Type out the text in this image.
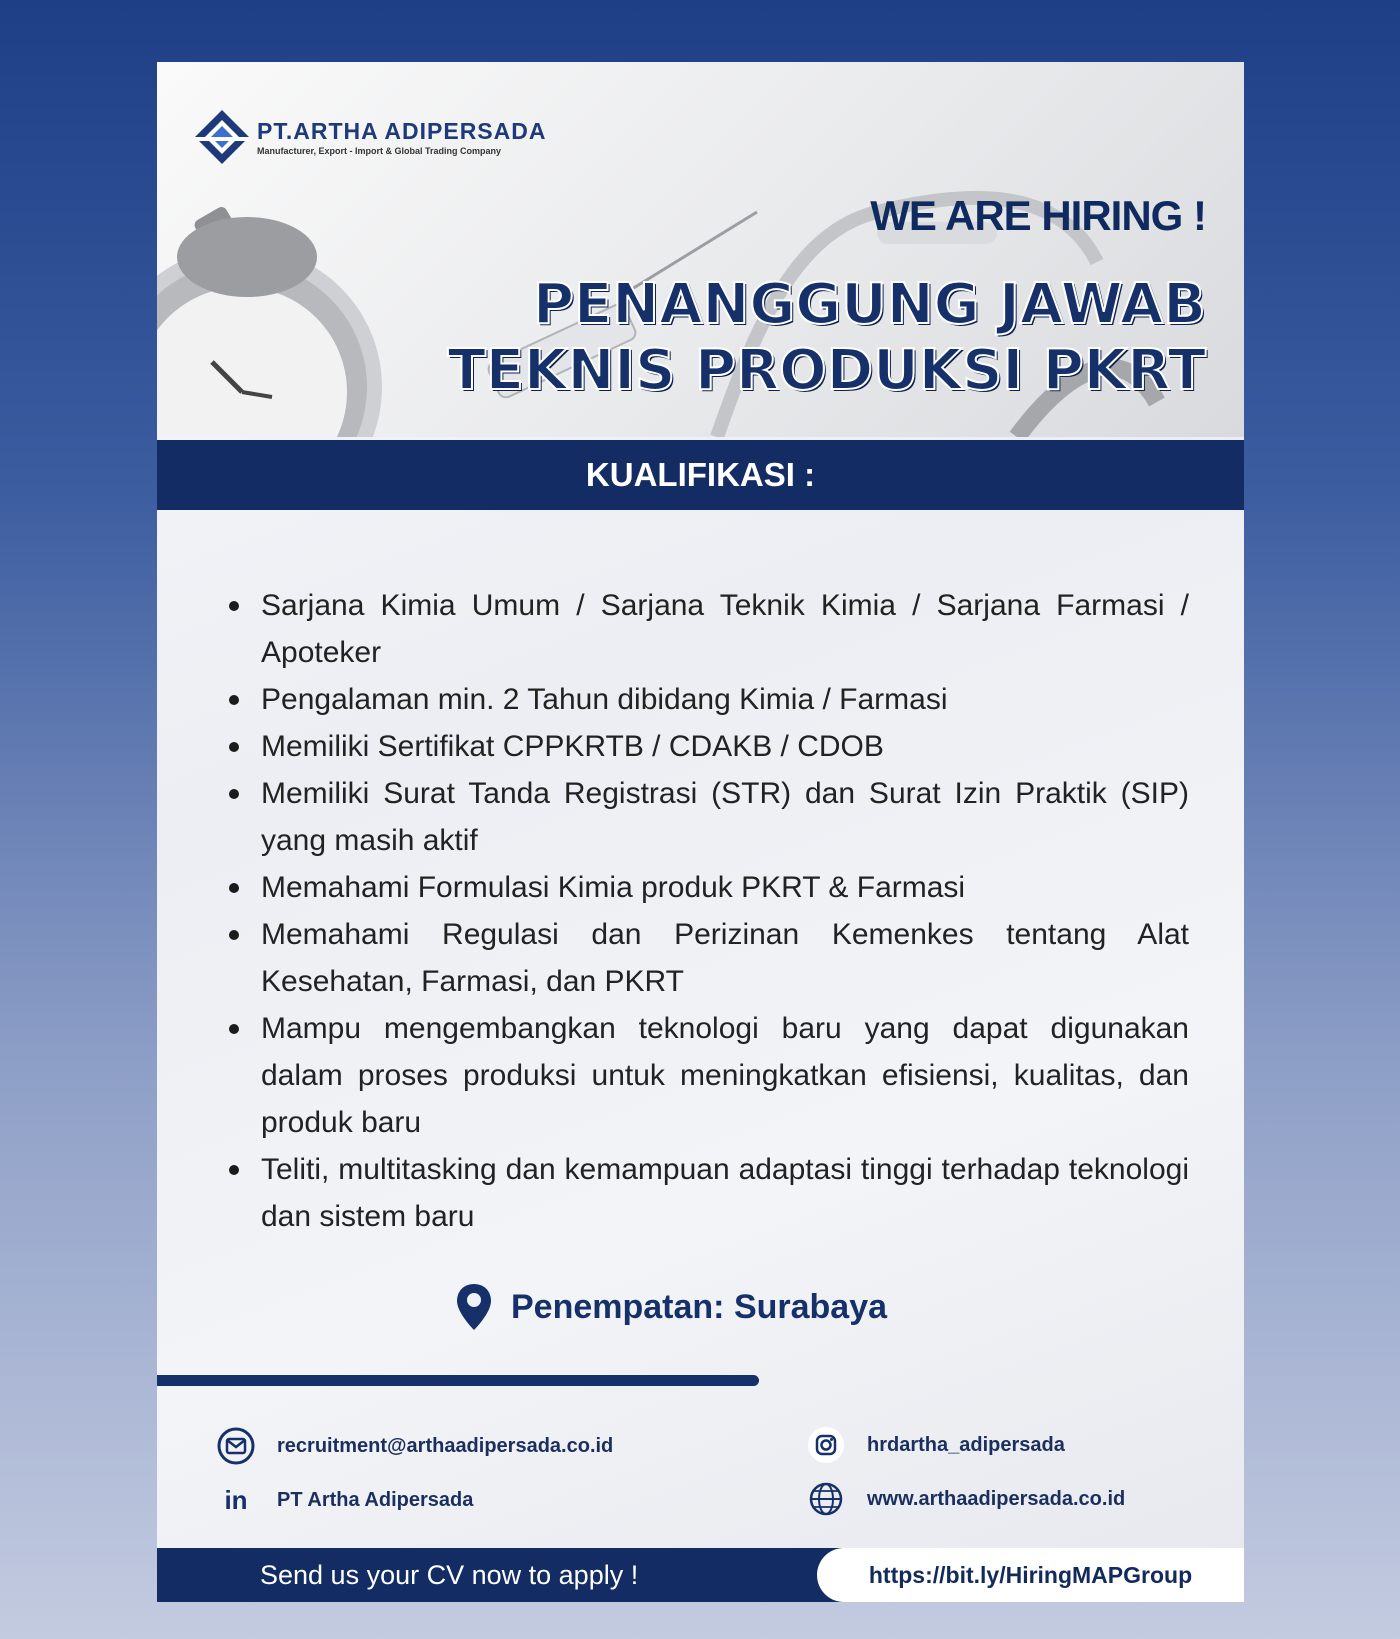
PT.ARTHA ADIPERSADA
Manufacturer, Export - Import & Global Trading Company
WE ARE HIRING !
PENANGGUNG JAWAB
TEKNIS PRODUKSI PKRT
KUALIFIKASI :
Sarjana Kimia Umum / Sarjana Teknik Kimia / Sarjana Farmasi / Apoteker
Pengalaman min. 2 Tahun dibidang Kimia / Farmasi
Memiliki Sertifikat CPPKRTB / CDAKB / CDOB
Memiliki Surat Tanda Registrasi (STR) dan Surat Izin Praktik (SIP) yang masih aktif
Memahami Formulasi Kimia produk PKRT & Farmasi
Memahami Regulasi dan Perizinan Kemenkes tentang Alat Kesehatan, Farmasi, dan PKRT
Mampu mengembangkan teknologi baru yang dapat digunakan dalam proses produksi untuk meningkatkan efisiensi, kualitas, dan produk baru
Teliti, multitasking dan kemampuan adaptasi tinggi terhadap teknologi dan sistem baru
Penempatan: Surabaya
recruitment@arthaadipersada.co.id
in PT Artha Adipersada
hrdartha_adipersada
www.arthaadipersada.co.id
Send us your CV now to apply !	https://bit.ly/HiringMAPGroup
